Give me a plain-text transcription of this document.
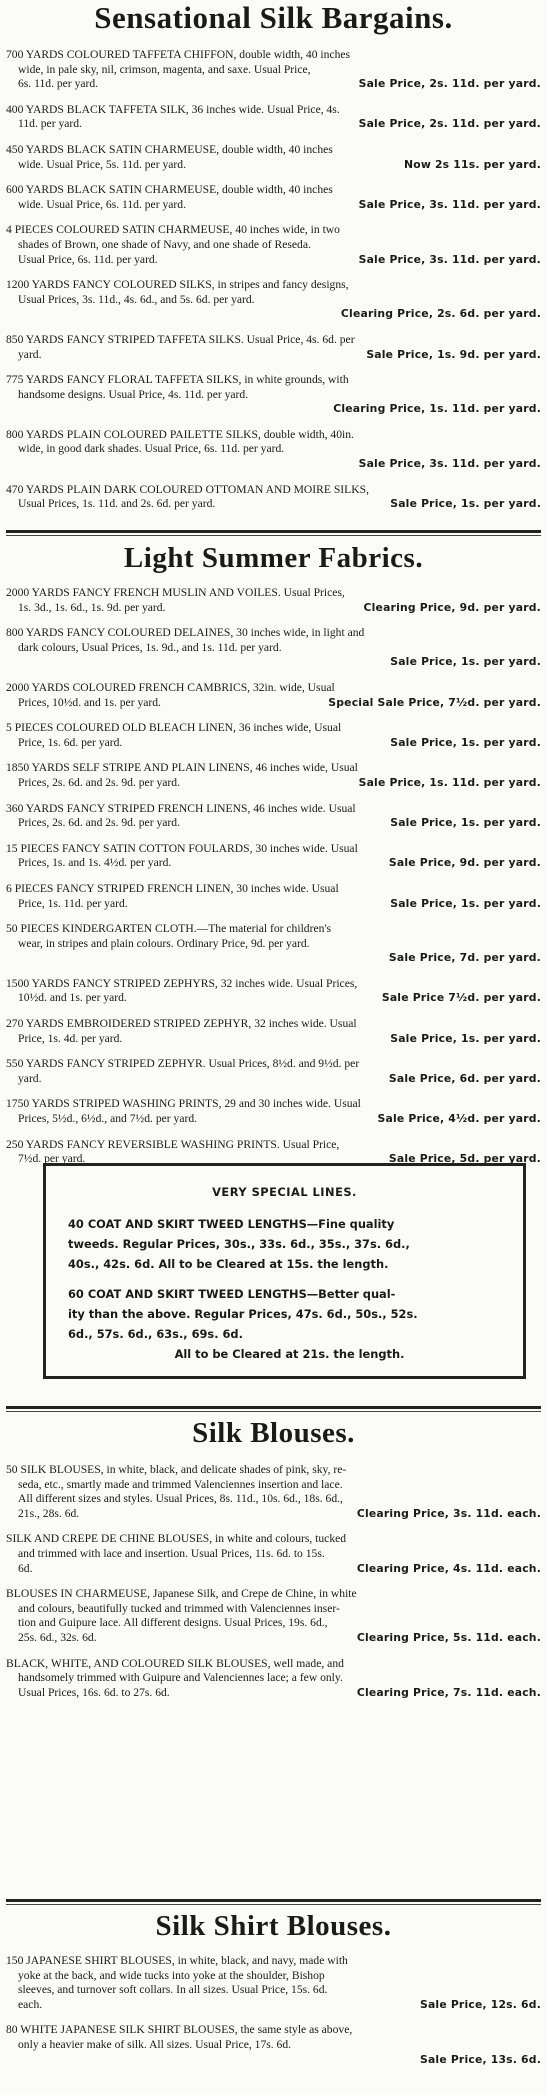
Sensational Silk Bargains.
700 YARDS COLOURED TAFFETA CHIFFON, double width, 40 inches
wide, in pale sky, nil, crimson, magenta, and saxe. Usual Price,
6s. 11d. per yard.	Sale Price, 2s. 11d. per yard.
400 YARDS BLACK TAFFETA SILK, 36 inches wide. Usual Price, 4s.
11d. per yard.	Sale Price, 2s. 11d. per yard.
450 YARDS BLACK SATIN CHARMEUSE, double width, 40 inches
wide. Usual Price, 5s. 11d. per yard.	Now 2s 11s. per yard.
600 YARDS BLACK SATIN CHARMEUSE, double width, 40 inches
wide. Usual Price, 6s. 11d. per yard.	Sale Price, 3s. 11d. per yard.
4 PIECES COLOURED SATIN CHARMEUSE, 40 inches wide, in two
shades of Brown, one shade of Navy, and one shade of Reseda.
Usual Price, 6s. 11d. per yard.	Sale Price, 3s. 11d. per yard.
1200 YARDS FANCY COLOURED SILKS, in stripes and fancy designs,
Usual Prices, 3s. 11d., 4s. 6d., and 5s. 6d. per yard.
Clearing Price, 2s. 6d. per yard.
850 YARDS FANCY STRIPED TAFFETA SILKS. Usual Price, 4s. 6d. per
yard.	Sale Price, 1s. 9d. per yard.
775 YARDS FANCY FLORAL TAFFETA SILKS, in white grounds, with
handsome designs. Usual Price, 4s. 11d. per yard.
Clearing Price, 1s. 11d. per yard.
800 YARDS PLAIN COLOURED PAILETTE SILKS, double width, 40in.
wide, in good dark shades. Usual Price, 6s. 11d. per yard.
Sale Price, 3s. 11d. per yard.
470 YARDS PLAIN DARK COLOURED OTTOMAN AND MOIRE SILKS,
Usual Prices, 1s. 11d. and 2s. 6d. per yard.	Sale Price, 1s. per yard.
Light Summer Fabrics.
2000 YARDS FANCY FRENCH MUSLIN AND VOILES. Usual Prices,
1s. 3d., 1s. 6d., 1s. 9d. per yard.	Clearing Price, 9d. per yard.
800 YARDS FANCY COLOURED DELAINES, 30 inches wide, in light and
dark colours, Usual Prices, 1s. 9d., and 1s. 11d. per yard.
Sale Price, 1s. per yard.
2000 YARDS COLOURED FRENCH CAMBRICS, 32in. wide, Usual
Prices, 10½d. and 1s. per yard.	Special Sale Price, 7½d. per yard.
5 PIECES COLOURED OLD BLEACH LINEN, 36 inches wide, Usual
Price, 1s. 6d. per yard.	Sale Price, 1s. per yard.
1850 YARDS SELF STRIPE AND PLAIN LINENS, 46 inches wide, Usual
Prices, 2s. 6d. and 2s. 9d. per yard.	Sale Price, 1s. 11d. per yard.
360 YARDS FANCY STRIPED FRENCH LINENS, 46 inches wide. Usual
Prices, 2s. 6d. and 2s. 9d. per yard.	Sale Price, 1s. per yard.
15 PIECES FANCY SATIN COTTON FOULARDS, 30 inches wide. Usual
Prices, 1s. and 1s. 4½d. per yard.	Sale Price, 9d. per yard.
6 PIECES FANCY STRIPED FRENCH LINEN, 30 inches wide. Usual
Price, 1s. 11d. per yard.	Sale Price, 1s. per yard.
50 PIECES KINDERGARTEN CLOTH.—The material for children's
wear, in stripes and plain colours. Ordinary Price, 9d. per yard.
Sale Price, 7d. per yard.
1500 YARDS FANCY STRIPED ZEPHYRS, 32 inches wide. Usual Prices,
10½d. and 1s. per yard.	Sale Price 7½d. per yard.
270 YARDS EMBROIDERED STRIPED ZEPHYR, 32 inches wide. Usual
Price, 1s. 4d. per yard.	Sale Price, 1s. per yard.
550 YARDS FANCY STRIPED ZEPHYR. Usual Prices, 8½d. and 9½d. per
yard.	Sale Price, 6d. per yard.
1750 YARDS STRIPED WASHING PRINTS, 29 and 30 inches wide. Usual
Prices, 5½d., 6½d., and 7½d. per yard.	Sale Price, 4½d. per yard.
250 YARDS FANCY REVERSIBLE WASHING PRINTS. Usual Price,
7½d. per yard.	Sale Price, 5d. per yard.
VERY SPECIAL LINES.
40 COAT AND SKIRT TWEED LENGTHS—Fine quality
tweeds. Regular Prices, 30s., 33s. 6d., 35s., 37s. 6d.,
40s., 42s. 6d. All to be Cleared at 15s. the length.
60 COAT AND SKIRT TWEED LENGTHS—Better qual-
ity than the above. Regular Prices, 47s. 6d., 50s., 52s.
6d., 57s. 6d., 63s., 69s. 6d.
All to be Cleared at 21s. the length.
Silk Blouses.
50 SILK BLOUSES, in white, black, and delicate shades of pink, sky, re-
seda, etc., smartly made and trimmed Valenciennes insertion and lace.
All different sizes and styles. Usual Prices, 8s. 11d., 10s. 6d., 18s. 6d.,
21s., 28s. 6d.	Clearing Price, 3s. 11d. each.
SILK AND CREPE DE CHINE BLOUSES, in white and colours, tucked
and trimmed with lace and insertion. Usual Prices, 11s. 6d. to 15s.
6d.	Clearing Price, 4s. 11d. each.
BLOUSES IN CHARMEUSE, Japanese Silk, and Crepe de Chine, in white
and colours, beautifully tucked and trimmed with Valenciennes inser-
tion and Guipure lace. All different designs. Usual Prices, 19s. 6d.,
25s. 6d., 32s. 6d.	Clearing Price, 5s. 11d. each.
BLACK, WHITE, AND COLOURED SILK BLOUSES, well made, and
handsomely trimmed with Guipure and Valenciennes lace; a few only.
Usual Prices, 16s. 6d. to 27s. 6d.	Clearing Price, 7s. 11d. each.
Silk Shirt Blouses.
150 JAPANESE SHIRT BLOUSES, in white, black, and navy, made with
yoke at the back, and wide tucks into yoke at the shoulder, Bishop
sleeves, and turnover soft collars. In all sizes. Usual Price, 15s. 6d.
each.	Sale Price, 12s. 6d.
80 WHITE JAPANESE SILK SHIRT BLOUSES, the same style as above,
only a heavier make of silk. All sizes. Usual Price, 17s. 6d.
Sale Price, 13s. 6d.
